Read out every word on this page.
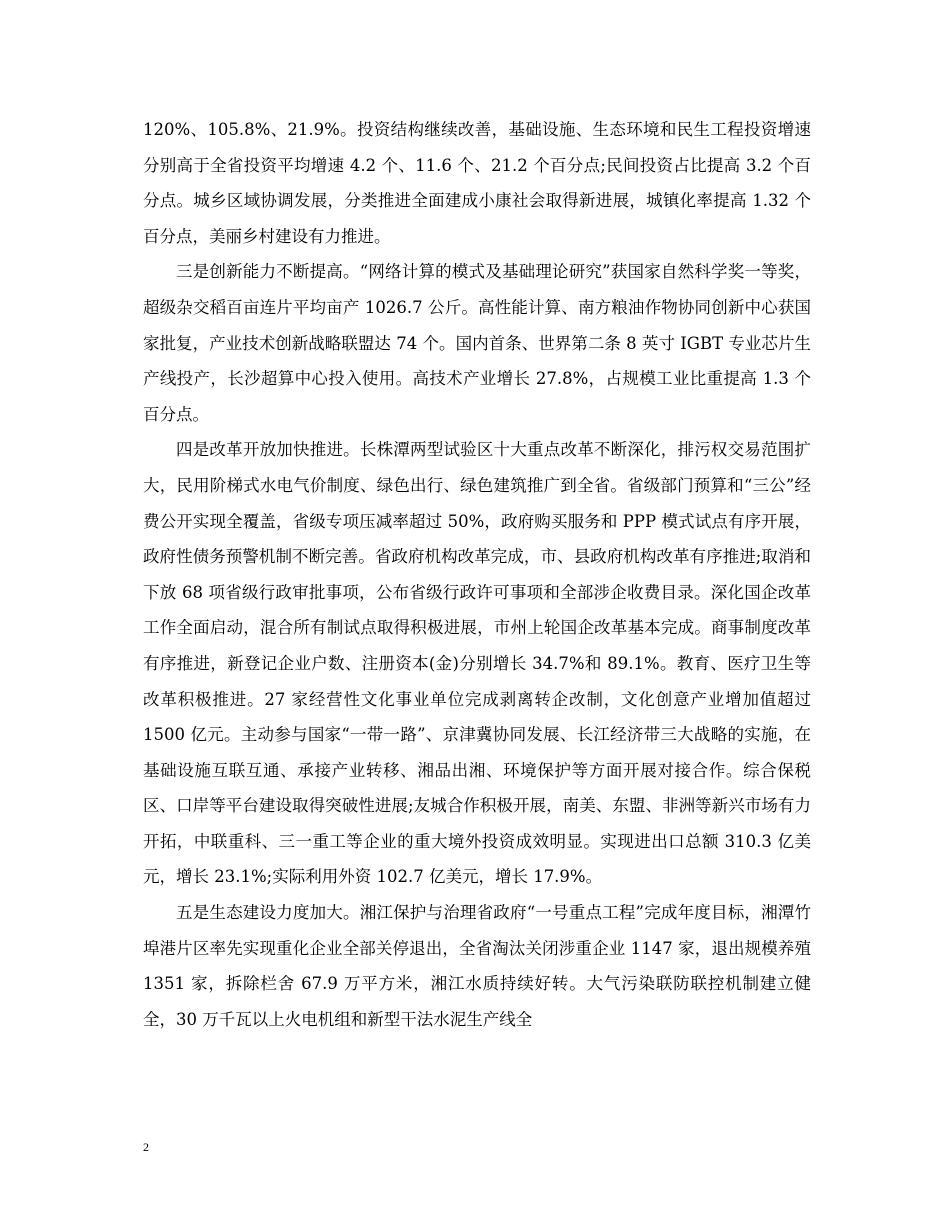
120%、105.8%、21.9%。投资结构继续改善，基础设施、生态环境和民生工程投资增速分别高于全省投资平均增速 4.2 个、11.6 个、21.2 个百分点;民间投资占比提高 3.2 个百分点。城乡区域协调发展，分类推进全面建成小康社会取得新进展，城镇化率提高 1.32 个百分点，美丽乡村建设有力推进。

三是创新能力不断提高。“网络计算的模式及基础理论研究”获国家自然科学奖一等奖，超级杂交稻百亩连片平均亩产 1026.7 公斤。高性能计算、南方粮油作物协同创新中心获国家批复，产业技术创新战略联盟达 74 个。国内首条、世界第二条 8 英寸 IGBT 专业芯片生产线投产，长沙超算中心投入使用。高技术产业增长 27.8%，占规模工业比重提高 1.3 个百分点。

四是改革开放加快推进。长株潭两型试验区十大重点改革不断深化，排污权交易范围扩大，民用阶梯式水电气价制度、绿色出行、绿色建筑推广到全省。省级部门预算和“三公”经费公开实现全覆盖，省级专项压减率超过 50%，政府购买服务和 PPP 模式试点有序开展，政府性债务预警机制不断完善。省政府机构改革完成，市、县政府机构改革有序推进;取消和下放 68 项省级行政审批事项，公布省级行政许可事项和全部涉企收费目录。深化国企改革工作全面启动，混合所有制试点取得积极进展，市州上轮国企改革基本完成。商事制度改革有序推进，新登记企业户数、注册资本(金)分别增长 34.7%和 89.1%。教育、医疗卫生等改革积极推进。27 家经营性文化事业单位完成剥离转企改制，文化创意产业增加值超过 1500 亿元。主动参与国家“一带一路”、京津冀协同发展、长江经济带三大战略的实施，在基础设施互联互通、承接产业转移、湘品出湘、环境保护等方面开展对接合作。综合保税区、口岸等平台建设取得突破性进展;友城合作积极开展，南美、东盟、非洲等新兴市场有力开拓，中联重科、三一重工等企业的重大境外投资成效明显。实现进出口总额 310.3 亿美元，增长 23.1%;实际利用外资 102.7 亿美元，增长 17.9%。

五是生态建设力度加大。湘江保护与治理省政府“一号重点工程”完成年度目标，湘潭竹埠港片区率先实现重化企业全部关停退出，全省淘汰关闭涉重企业 1147 家，退出规模养殖 1351 家，拆除栏舍 67.9 万平方米，湘江水质持续好转。大气污染联防联控机制建立健全，30 万千瓦以上火电机组和新型干法水泥生产线全

2
